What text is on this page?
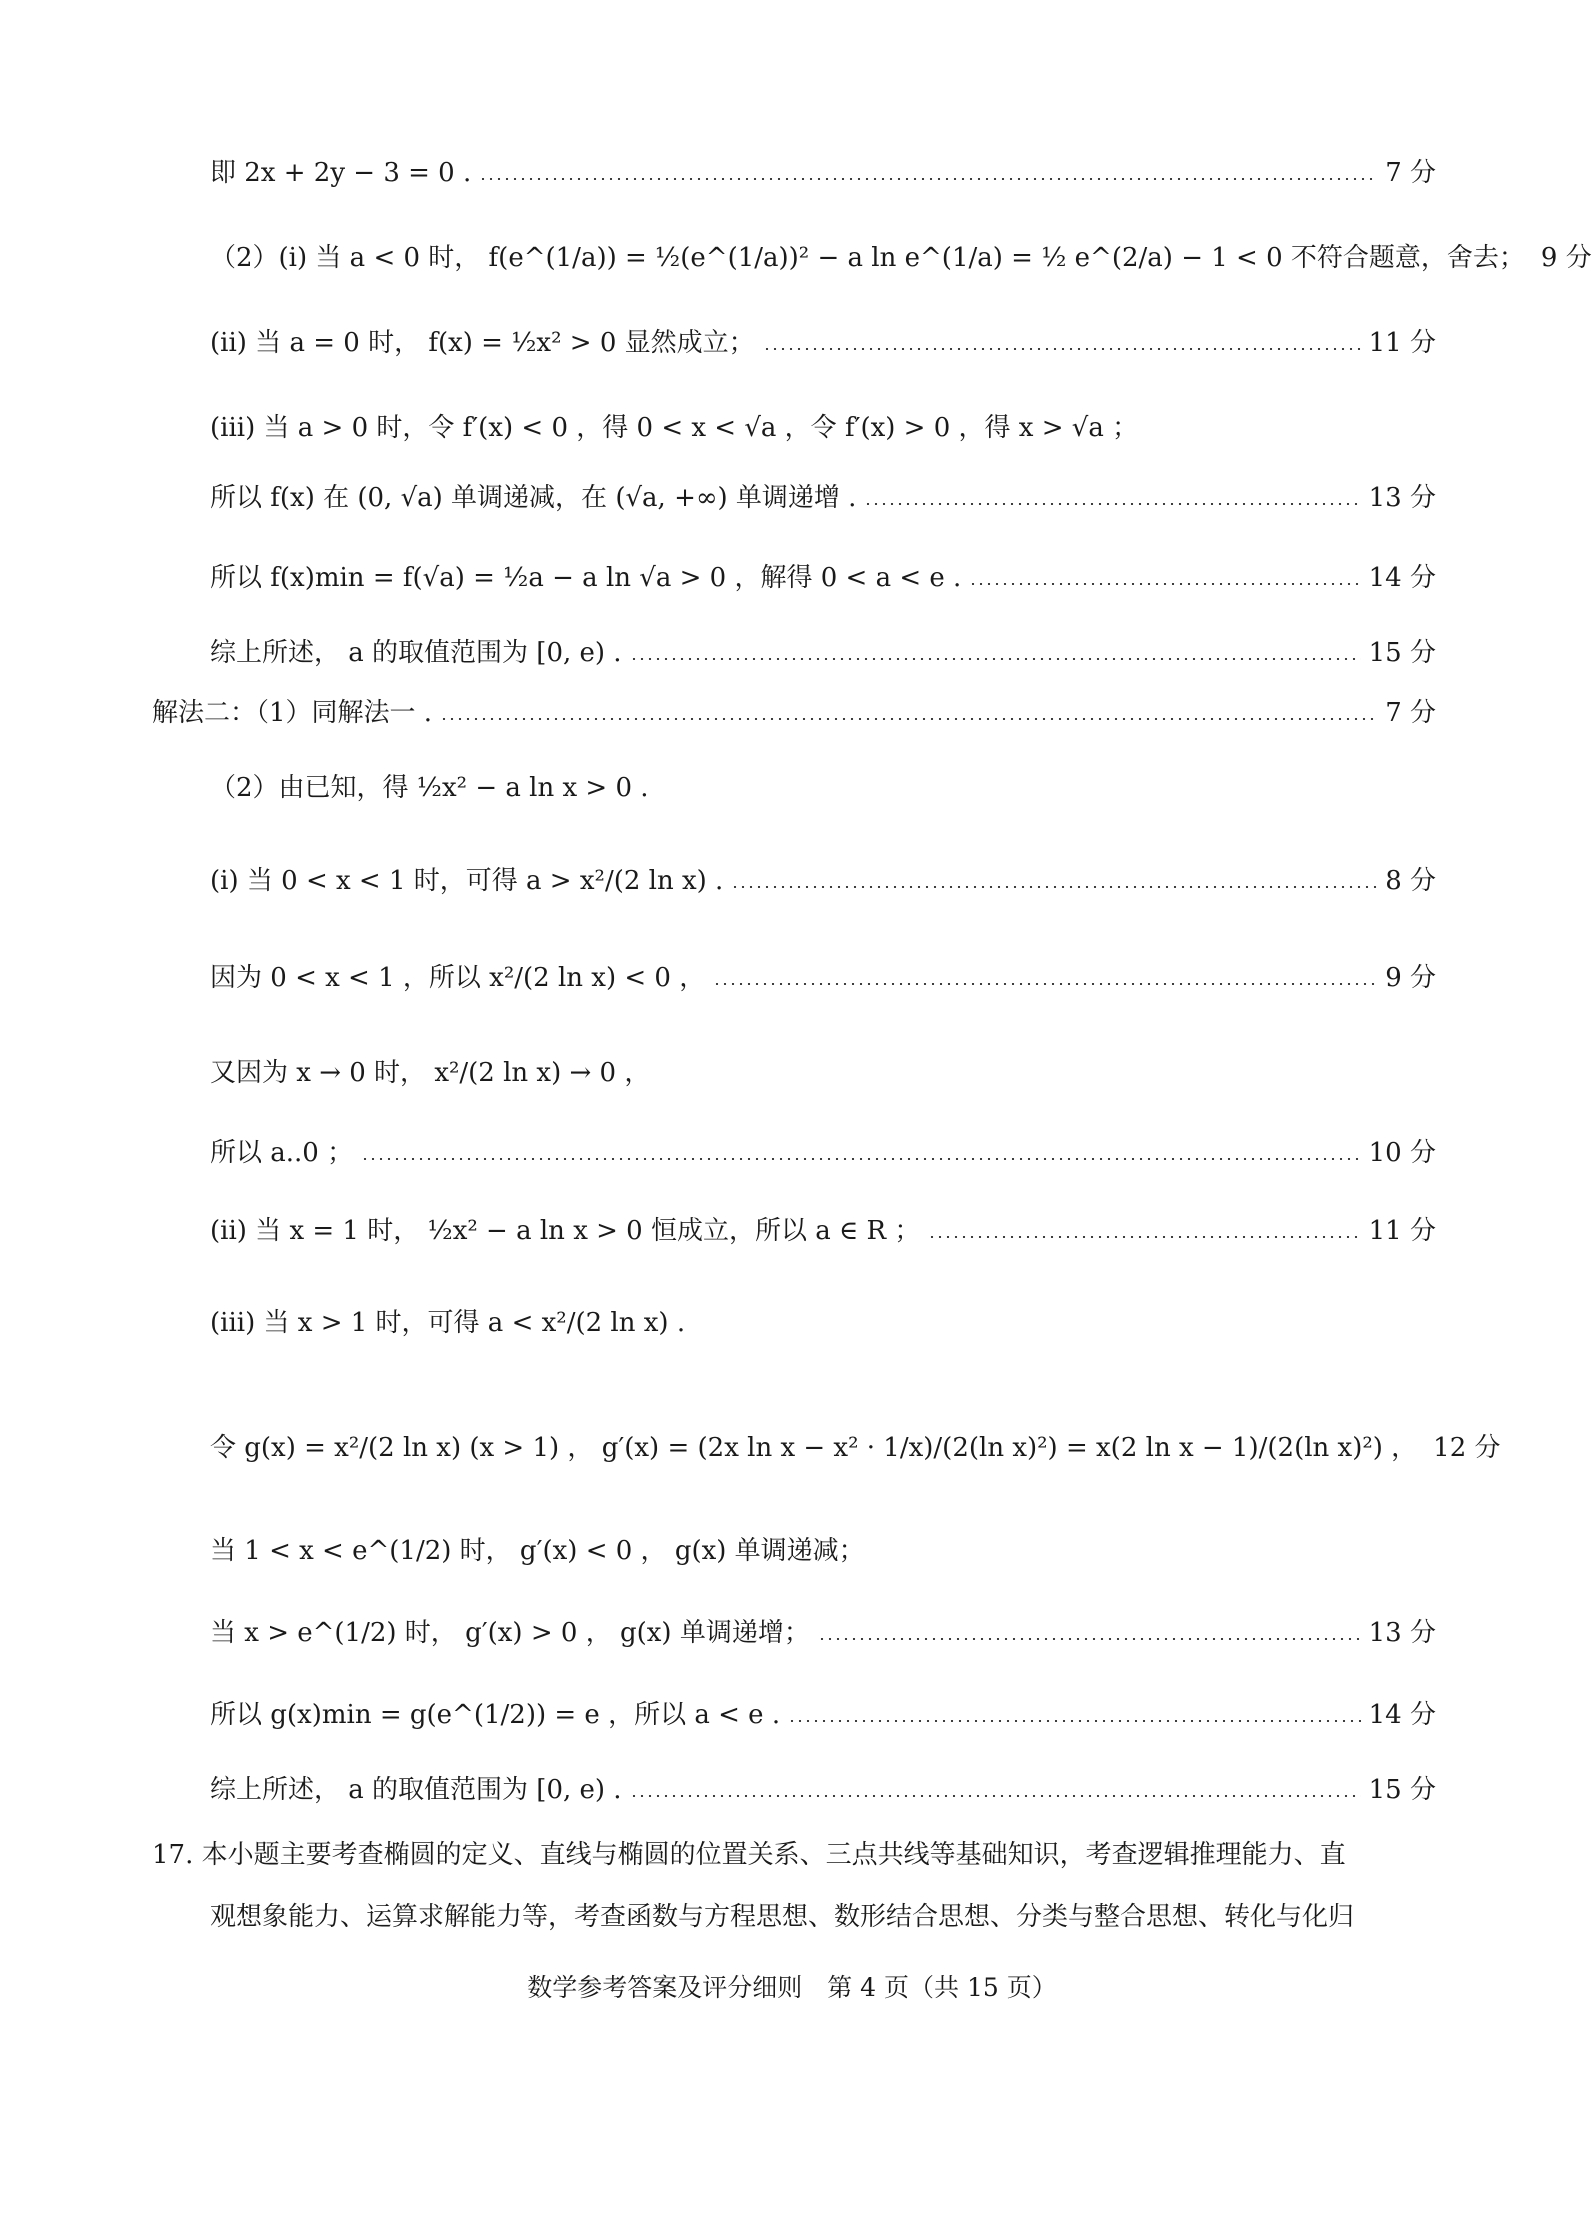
即 2x + 2y − 3 = 0 .	7 分
（2）(i) 当 a < 0 时， f(e^(1/a)) = ½(e^(1/a))² − a ln e^(1/a) = ½ e^(2/a) − 1 < 0 不符合题意，舍去； 9 分
(ii) 当 a = 0 时， f(x) = ½x² > 0 显然成立；	11 分
(iii) 当 a > 0 时，令 f′(x) < 0 ，得 0 < x < √a ，令 f′(x) > 0 ，得 x > √a ；
所以 f(x) 在 (0, √a) 单调递减，在 (√a, +∞) 单调递增 .	13 分
所以 f(x)min = f(√a) = ½a − a ln √a > 0 ，解得 0 < a < e .	14 分
综上所述， a 的取值范围为 [0, e) .	15 分
解法二：（1）同解法一 .	7 分
（2）由已知，得 ½x² − a ln x > 0 .
(i) 当 0 < x < 1 时，可得 a > x²/(2 ln x) .	8 分
因为 0 < x < 1 ，所以 x²/(2 ln x) < 0 ，	9 分
又因为 x → 0 时， x²/(2 ln x) → 0 ，
所以 a..0 ；	10 分
(ii) 当 x = 1 时， ½x² − a ln x > 0 恒成立，所以 a ∈ R ；	11 分
(iii) 当 x > 1 时，可得 a < x²/(2 ln x) .
令 g(x) = x²/(2 ln x) (x > 1) ， g′(x) = (2x ln x − x² · 1/x)/(2(ln x)²) = x(2 ln x − 1)/(2(ln x)²) ， 12 分
当 1 < x < e^(1/2) 时， g′(x) < 0 ， g(x) 单调递减；
当 x > e^(1/2) 时， g′(x) > 0 ， g(x) 单调递增；	13 分
所以 g(x)min = g(e^(1/2)) = e ，所以 a < e .	14 分
综上所述， a 的取值范围为 [0, e) .	15 分
17. 本小题主要考查椭圆的定义、直线与椭圆的位置关系、三点共线等基础知识，考查逻辑推理能力、直
观想象能力、运算求解能力等，考查函数与方程思想、数形结合思想、分类与整合思想、转化与化归
数学参考答案及评分细则　第 4 页（共 15 页）
